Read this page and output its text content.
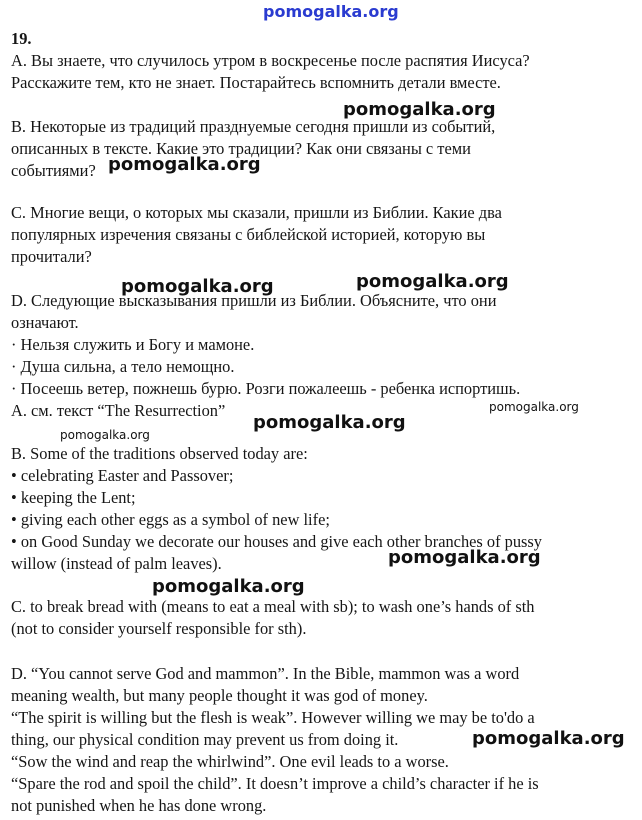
pomogalka.org
19.
A. Вы знаете, что случилось утром в воскресенье после распятия Иисуса?
Расскажите тем, кто не знает. Постарайтесь вспомнить детали вместе.
B. Некоторые из традиций празднуемые сегодня пришли из событий,
описанных в тексте. Какие это традиции? Как они связаны с теми
событиями?
C. Многие вещи, о которых мы сказали, пришли из Библии. Какие два
популярных изречения связаны с библейской историей, которую вы
прочитали?
D. Следующие высказывания пришли из Библии. Объясните, что они
означают.
· Нельзя служить и Богу и мамоне.
· Душа сильна, а тело немощно.
· Посеешь ветер, пожнешь бурю. Розги пожалеешь - ребенка испортишь.
A. см. текст “The Resurrection”
B. Some of the traditions observed today are:
• celebrating Easter and Passover;
• keeping the Lent;
• giving each other eggs as a symbol of new life;
• on Good Sunday we decorate our houses and give each other branches of pussy
willow (instead of palm leaves).
C. to break bread with (means to eat a meal with sb); to wash one’s hands of sth
(not to consider yourself responsible for sth).
D. “You cannot serve God and mammon”. In the Bible, mammon was a word
meaning wealth, but many people thought it was god of money.
“The spirit is willing but the flesh is weak”. However willing we may be to'do a
thing, our physical condition may prevent us from doing it.
“Sow the wind and reap the whirlwind”. One evil leads to a worse.
“Spare the rod and spoil the child”. It doesn’t improve a child’s character if he is
not punished when he has done wrong.
pomogalka.org
pomogalka.org
pomogalka.org	pomogalka.org
pomogalka.org
pomogalka.org
pomogalka.org
pomogalka.org
pomogalka.org
pomogalka.org
